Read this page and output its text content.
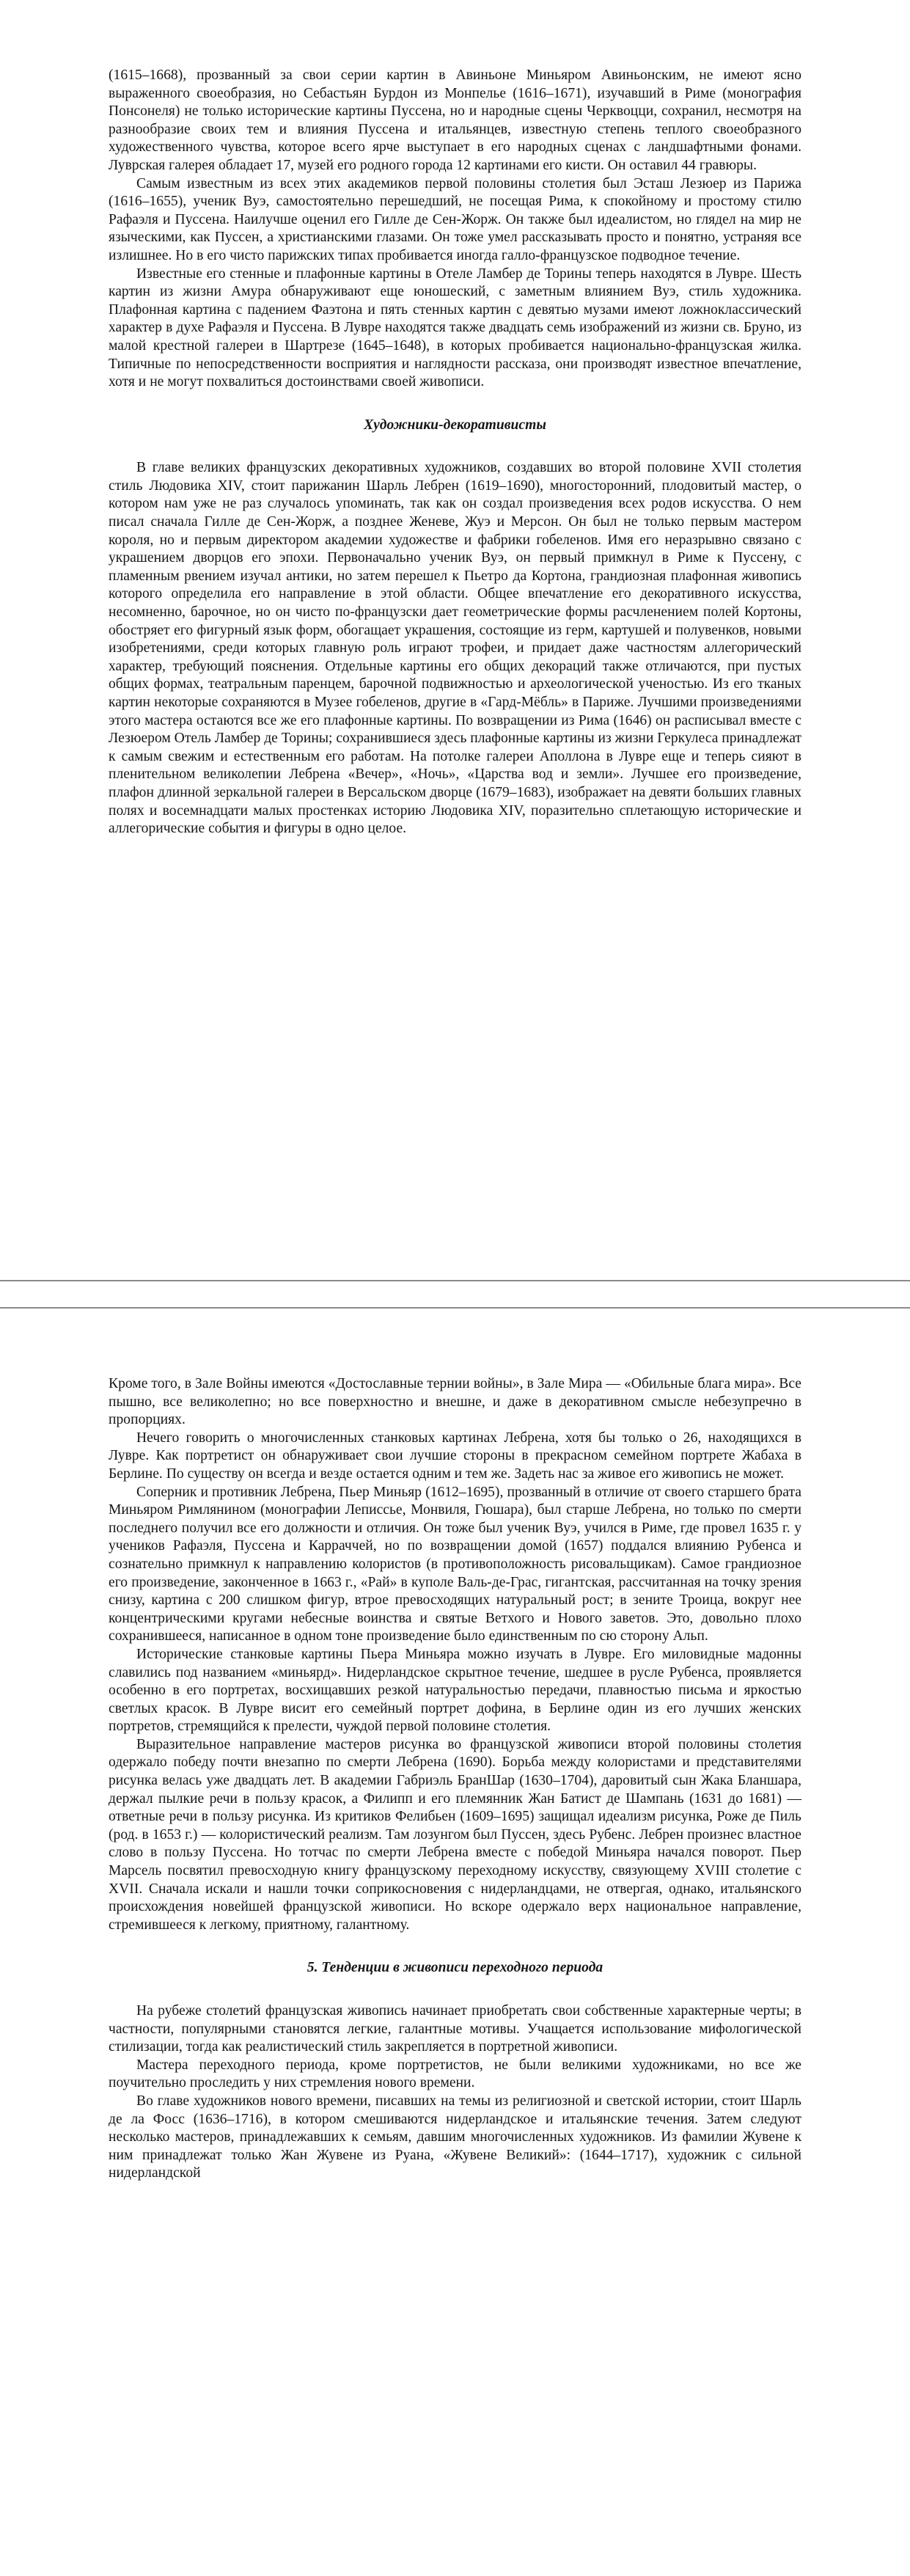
(1615–1668), прозванный за свои серии картин в Авиньоне Миньяром Авиньонским, не имеют ясно выраженного своеобразия, но Себастьян Бурдон из Монпелье (1616–1671), изучавший в Риме (монография Понсонеля) не только исторические картины Пуссена, но и народные сцены Черквоцци, сохранил, несмотря на разнообразие своих тем и влияния Пуссена и итальянцев, известную степень теплого своеобразного художественного чувства, которое всего ярче выступает в его народных сценах с ландшафтными фонами. Луврская галерея обладает 17, музей его родного города 12 картинами его кисти. Он оставил 44 гравюры.

Самым известным из всех этих академиков первой половины столетия был Эсташ Лезюер из Парижа (1616–1655), ученик Вуэ, самостоятельно перешедший, не посещая Рима, к спокойному и простому стилю Рафаэля и Пуссена. Наилучше оценил его Гилле де Сен-Жорж. Он также был идеалистом, но глядел на мир не языческими, как Пуссен, а христианскими глазами. Он тоже умел рассказывать просто и понятно, устраняя все излишнее. Но в его чисто парижских типах пробивается иногда галло-французское подводное течение.

Известные его стенные и плафонные картины в Отеле Ламбер де Торины теперь находятся в Лувре. Шесть картин из жизни Амура обнаруживают еще юношеский, с заметным влиянием Вуэ, стиль художника. Плафонная картина с падением Фаэтона и пять стенных картин с девятью музами имеют ложноклассический характер в духе Рафаэля и Пуссена. В Лувре находятся также двадцать семь изображений из жизни св. Бруно, из малой крестной галереи в Шартрезе (1645–1648), в которых пробивается национально-французская жилка. Типичные по непосредственности восприятия и наглядности рассказа, они производят известное впечатление, хотя и не могут похвалиться достоинствами своей живописи.

Художники-декоративисты

В главе великих французских декоративных художников, создавших во второй половине XVII столетия стиль Людовика XIV, стоит парижанин Шарль Лебрен (1619–1690), многосторонний, плодовитый мастер, о котором нам уже не раз случалось упоминать, так как он создал произведения всех родов искусства. О нем писал сначала Гилле де Сен-Жорж, а позднее Женеве, Жуэ и Мерсон. Он был не только первым мастером короля, но и первым директором академии художестве и фабрики гобеленов. Имя его неразрывно связано с украшением дворцов его эпохи. Первоначально ученик Вуэ, он первый примкнул в Риме к Пуссену, с пламенным рвением изучал антики, но затем перешел к Пьетро да Кортона, грандиозная плафонная живопись которого определила его направление в этой области. Общее впечатление его декоративного искусства, несомненно, барочное, но он чисто по-французски дает геометрические формы расчленением полей Кортоны, обостряет его фигурный язык форм, обогащает украшения, состоящие из герм, картушей и полувенков, новыми изобретениями, среди которых главную роль играют трофеи, и придает даже частностям аллегорический характер, требующий пояснения. Отдельные картины его общих декораций также отличаются, при пустых общих формах, театральным паренцем, барочной подвижностью и археологической ученостью. Из его тканых картин некоторые сохраняются в Музее гобеленов, другие в «Гард-Мёбль» в Париже. Лучшими произведениями этого мастера остаются все же его плафонные картины. По возвращении из Рима (1646) он расписывал вместе с Лезюером Отель Ламбер де Торины; сохранившиеся здесь плафонные картины из жизни Геркулеса принадлежат к самым свежим и естественным его работам. На потолке галереи Аполлона в Лувре еще и теперь сияют в пленительном великолепии Лебрена «Вечер», «Ночь», «Царства вод и земли». Лучшее его произведение, плафон длинной зеркальной галереи в Версальском дворце (1679–1683), изображает на девяти больших главных полях и восемнадцати малых простенках историю Людовика XIV, поразительно сплетающую исторические и аллегорические события и фигуры в одно целое.

Кроме того, в Зале Войны имеются «Достославные тернии войны», в Зале Мира — «Обильные блага мира». Все пышно, все великолепно; но все поверхностно и внешне, и даже в декоративном смысле небезупречно в пропорциях.

Нечего говорить о многочисленных станковых картинах Лебрена, хотя бы только о 26, находящихся в Лувре. Как портретист он обнаруживает свои лучшие стороны в прекрасном семейном портрете Жабаха в Берлине. По существу он всегда и везде остается одним и тем же. Задеть нас за живое его живопись не может.

Соперник и противник Лебрена, Пьер Миньяр (1612–1695), прозванный в отличие от своего старшего брата Миньяром Римлянином (монографии Леписсье, Монвиля, Гюшара), был старше Лебрена, но только по смерти последнего получил все его должности и отличия. Он тоже был ученик Вуэ, учился в Риме, где провел 1635 г. у учеников Рафаэля, Пуссена и Карраччей, но по возвращении домой (1657) поддался влиянию Рубенса и сознательно примкнул к направлению колористов (в противоположность рисовальщикам). Самое грандиозное его произведение, законченное в 1663 г., «Рай» в куполе Валь-де-Грас, гигантская, рассчитанная на точку зрения снизу, картина с 200 слишком фигур, втрое превосходящих натуральный рост; в зените Троица, вокруг нее концентрическими кругами небесные воинства и святые Ветхого и Нового заветов. Это, довольно плохо сохранившееся, написанное в одном тоне произведение было единственным по сю сторону Альп.

Исторические станковые картины Пьера Миньяра можно изучать в Лувре. Его миловидные мадонны славились под названием «миньярд». Нидерландское скрытное течение, шедшее в русле Рубенса, проявляется особенно в его портретах, восхищавших резкой натуральностью передачи, плавностью письма и яркостью светлых красок. В Лувре висит его семейный портрет дофина, в Берлине один из его лучших женских портретов, стремящийся к прелести, чуждой первой половине столетия.

Выразительное направление мастеров рисунка во французской живописи второй половины столетия одержало победу почти внезапно по смерти Лебрена (1690). Борьба между колористами и представителями рисунка велась уже двадцать лет. В академии Габриэль БранШар (1630–1704), даровитый сын Жака Бланшара, держал пылкие речи в пользу красок, а Филипп и его племянник Жан Батист де Шампань (1631 до 1681) — ответные речи в пользу рисунка. Из критиков Фелибьен (1609–1695) защищал идеализм рисунка, Роже де Пиль (род. в 1653 г.) — колористический реализм. Там лозунгом был Пуссен, здесь Рубенс. Лебрен произнес властное слово в пользу Пуссена. Но тотчас по смерти Лебрена вместе с победой Миньяра начался поворот. Пьер Марсель посвятил превосходную книгу французскому переходному искусству, связующему XVIII столетие с XVII. Сначала искали и нашли точки соприкосновения с нидерландцами, не отвергая, однако, итальянского происхождения новейшей французской живописи. Но вскоре одержало верх национальное направление, стремившееся к легкому, приятному, галантному.

5. Тенденции в живописи переходного периода

На рубеже столетий французская живопись начинает приобретать свои собственные характерные черты; в частности, популярными становятся легкие, галантные мотивы. Учащается использование мифологической стилизации, тогда как реалистический стиль закрепляется в портретной живописи.

Мастера переходного периода, кроме портретистов, не были великими художниками, но все же поучительно проследить у них стремления нового времени.

Во главе художников нового времени, писавших на темы из религиозной и светской истории, стоит Шарль де ла Фосс (1636–1716), в котором смешиваются нидерландское и итальянские течения. Затем следуют несколько мастеров, принадлежавших к семьям, давшим многочисленных художников. Из фамилии Жувене к ним принадлежат только Жан Жувене из Руана, «Жувене Великий»: (1644–1717), художник с сильной нидерландской
